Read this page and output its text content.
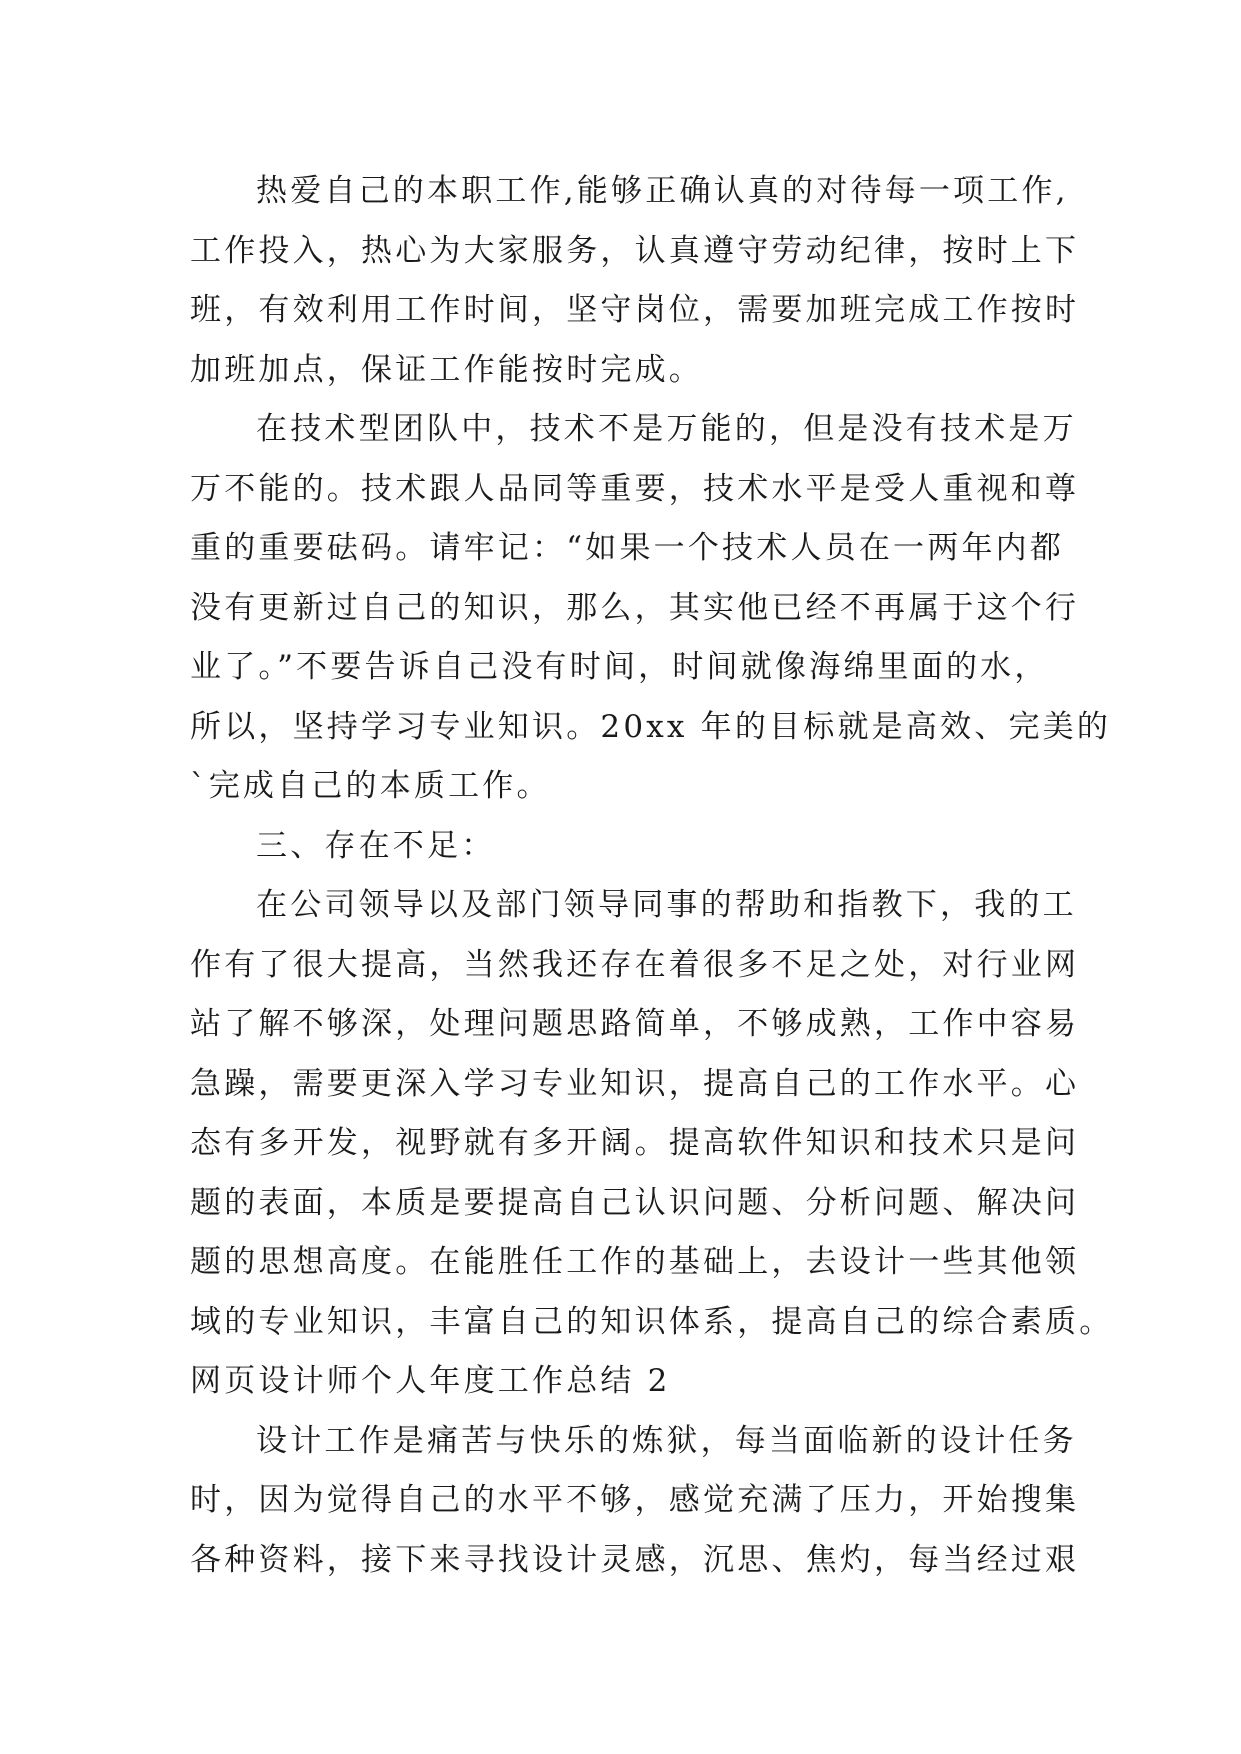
热爱自己的本职工作,能够正确认真的对待每一项工作,
工作投入，热心为大家服务，认真遵守劳动纪律，按时上下
班，有效利用工作时间，坚守岗位，需要加班完成工作按时
加班加点，保证工作能按时完成。

在技术型团队中，技术不是万能的，但是没有技术是万
万不能的。技术跟人品同等重要，技术水平是受人重视和尊
重的重要砝码。请牢记：“如果一个技术人员在一两年内都
没有更新过自己的知识，那么，其实他已经不再属于这个行
业了。”不要告诉自己没有时间，时间就像海绵里面的水，
所以，坚持学习专业知识。20xx 年的目标就是高效、完美的
`完成自己的本质工作。

三、存在不足：

在公司领导以及部门领导同事的帮助和指教下，我的工
作有了很大提高，当然我还存在着很多不足之处，对行业网
站了解不够深，处理问题思路简单，不够成熟，工作中容易
急躁，需要更深入学习专业知识，提高自己的工作水平。心
态有多开发，视野就有多开阔。提高软件知识和技术只是问
题的表面，本质是要提高自己认识问题、分析问题、解决问
题的思想高度。在能胜任工作的基础上，去设计一些其他领
域的专业知识，丰富自己的知识体系，提高自己的综合素质。

网页设计师个人年度工作总结 2

设计工作是痛苦与快乐的炼狱，每当面临新的设计任务
时，因为觉得自己的水平不够，感觉充满了压力，开始搜集
各种资料，接下来寻找设计灵感，沉思、焦灼，每当经过艰
